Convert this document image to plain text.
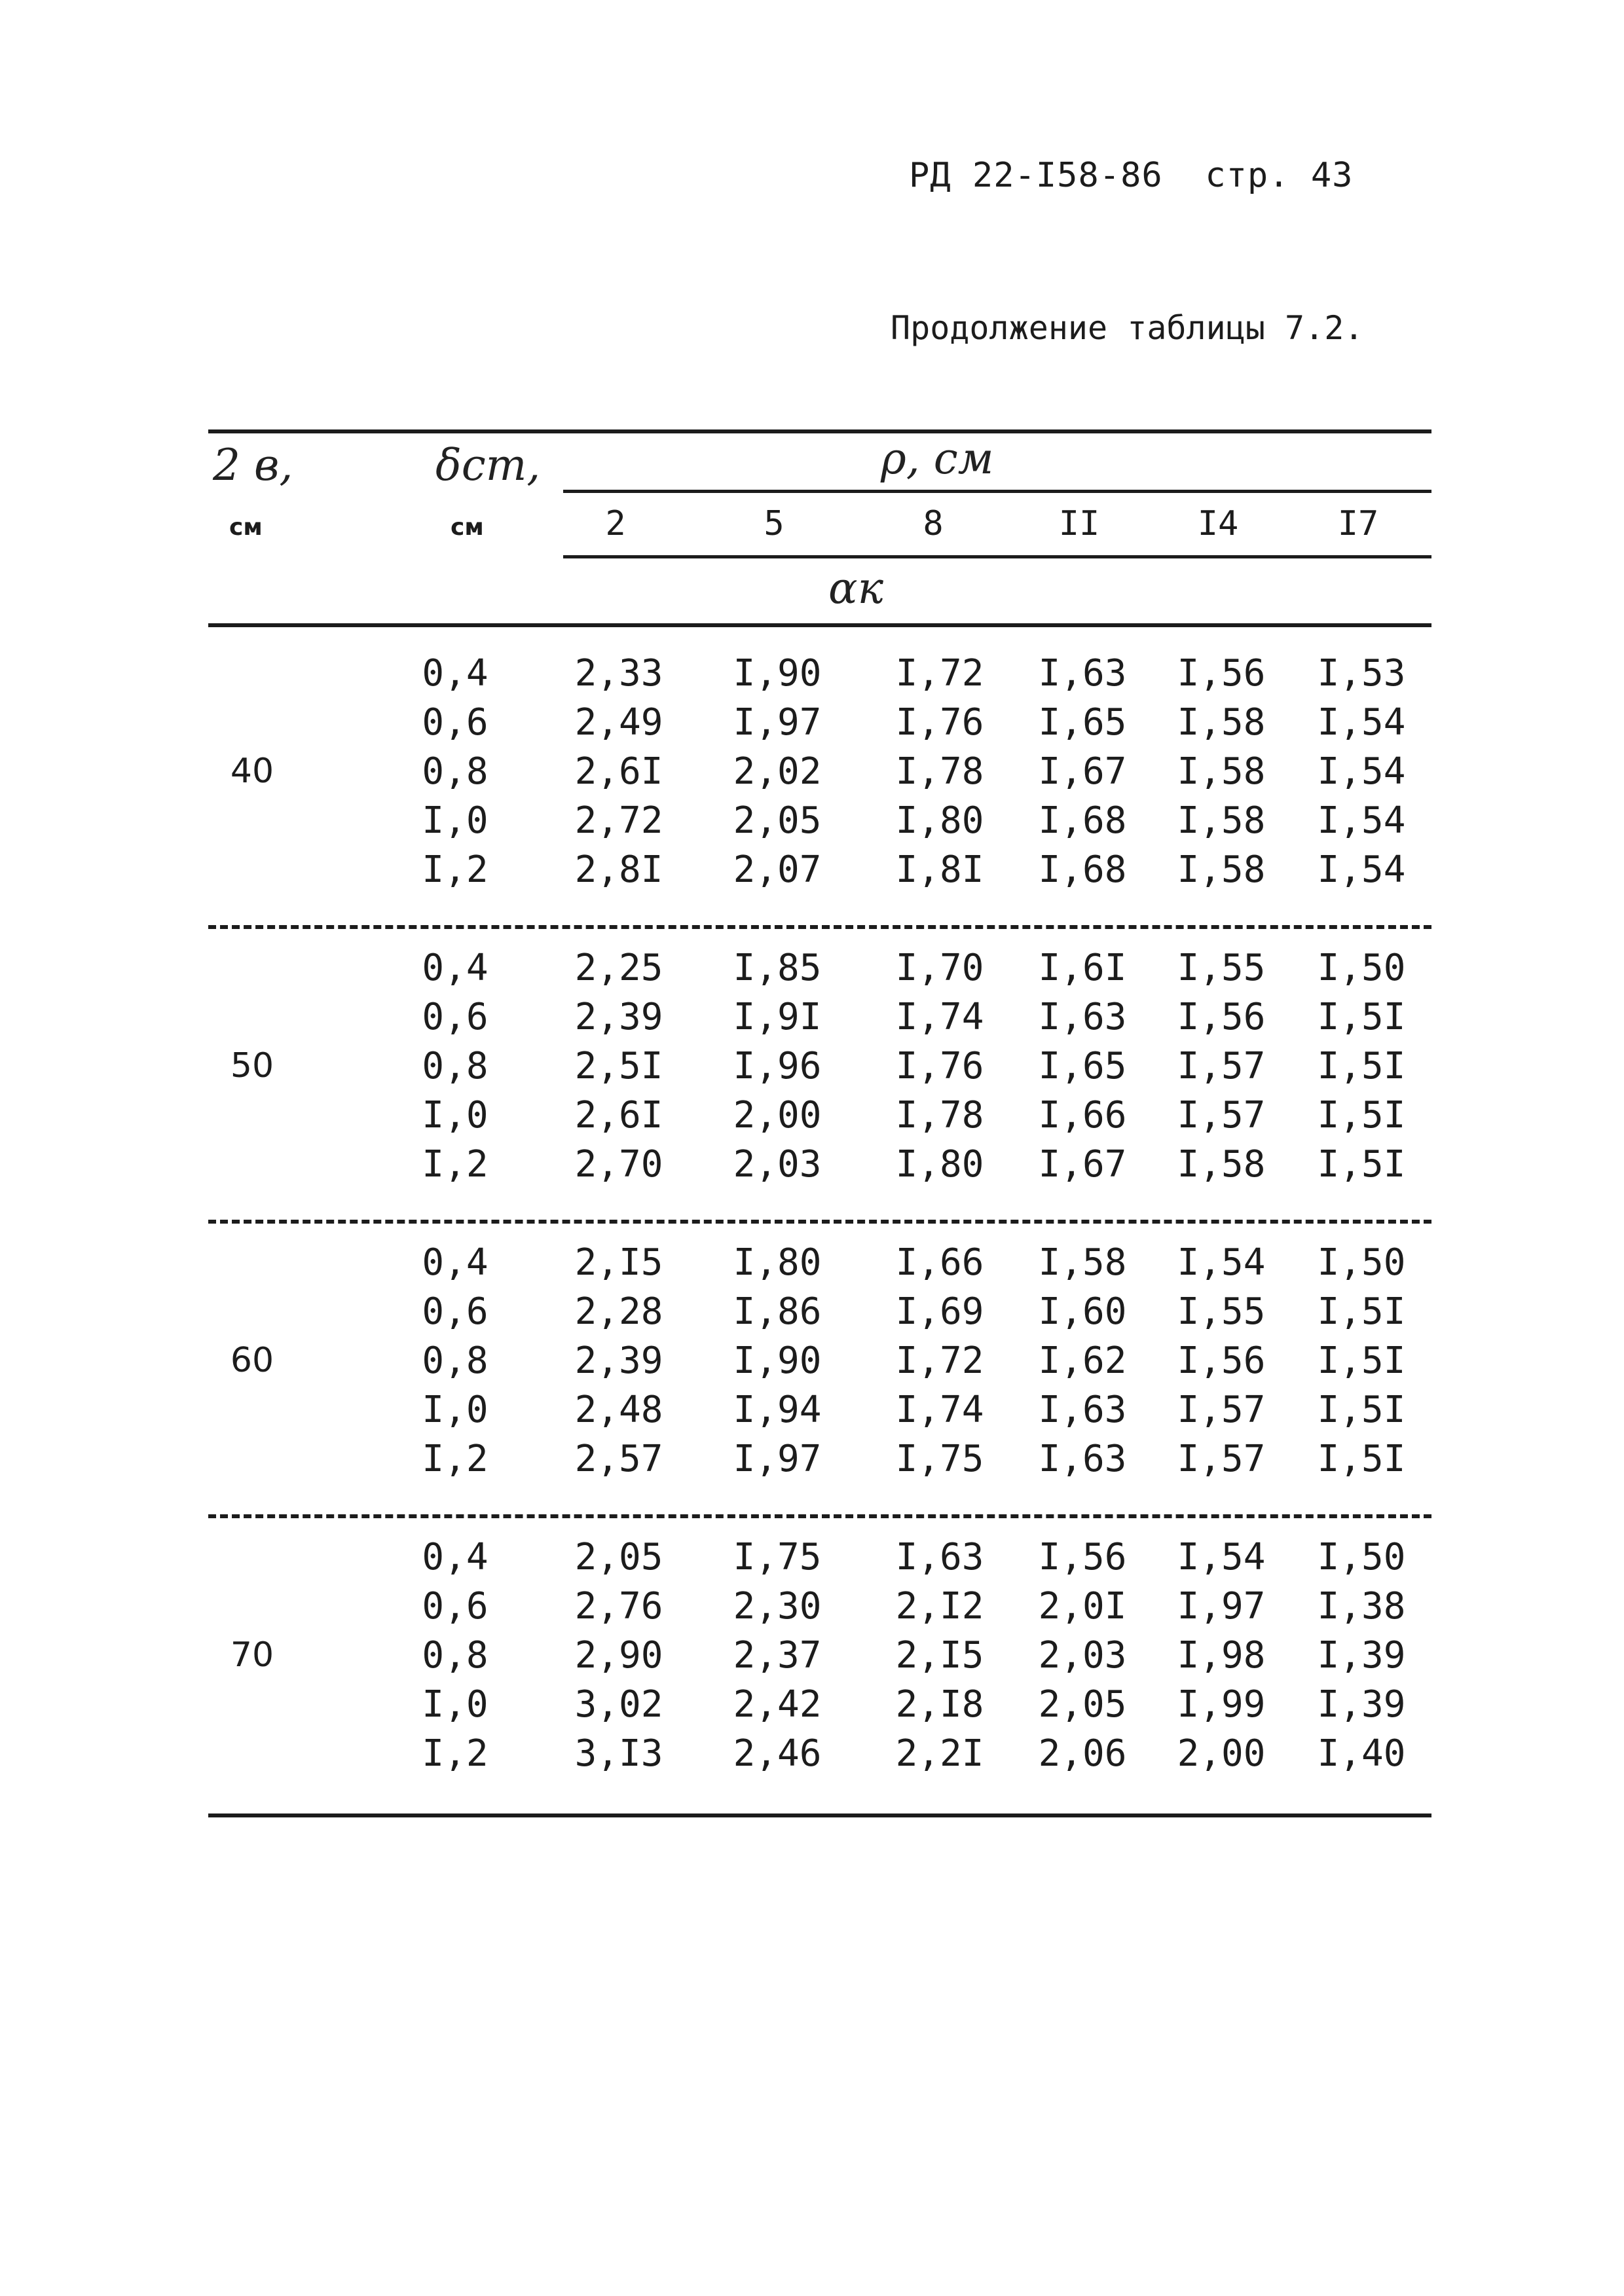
РД 22-I58-86 стр. 43
Продолжение таблицы 7.2.
2 в,
см
δст,
см
ρ, см
2	5	8	II	I4	I7
αк
40
0,4	2,33	I,90	I,72	I,63	I,56	I,53
0,6	2,49	I,97	I,76	I,65	I,58	I,54
0,8	2,6I	2,02	I,78	I,67	I,58	I,54
I,0	2,72	2,05	I,80	I,68	I,58	I,54
I,2	2,8I	2,07	I,8I	I,68	I,58	I,54
50
0,4	2,25	I,85	I,70	I,6I	I,55	I,50
0,6	2,39	I,9I	I,74	I,63	I,56	I,5I
0,8	2,5I	I,96	I,76	I,65	I,57	I,5I
I,0	2,6I	2,00	I,78	I,66	I,57	I,5I
I,2	2,70	2,03	I,80	I,67	I,58	I,5I
60
0,4	2,I5	I,80	I,66	I,58	I,54	I,50
0,6	2,28	I,86	I,69	I,60	I,55	I,5I
0,8	2,39	I,90	I,72	I,62	I,56	I,5I
I,0	2,48	I,94	I,74	I,63	I,57	I,5I
I,2	2,57	I,97	I,75	I,63	I,57	I,5I
70
0,4	2,05	I,75	I,63	I,56	I,54	I,50
0,6	2,76	2,30	2,I2	2,0I	I,97	I,38
0,8	2,90	2,37	2,I5	2,03	I,98	I,39
I,0	3,02	2,42	2,I8	2,05	I,99	I,39
I,2	3,I3	2,46	2,2I	2,06	2,00	I,40
